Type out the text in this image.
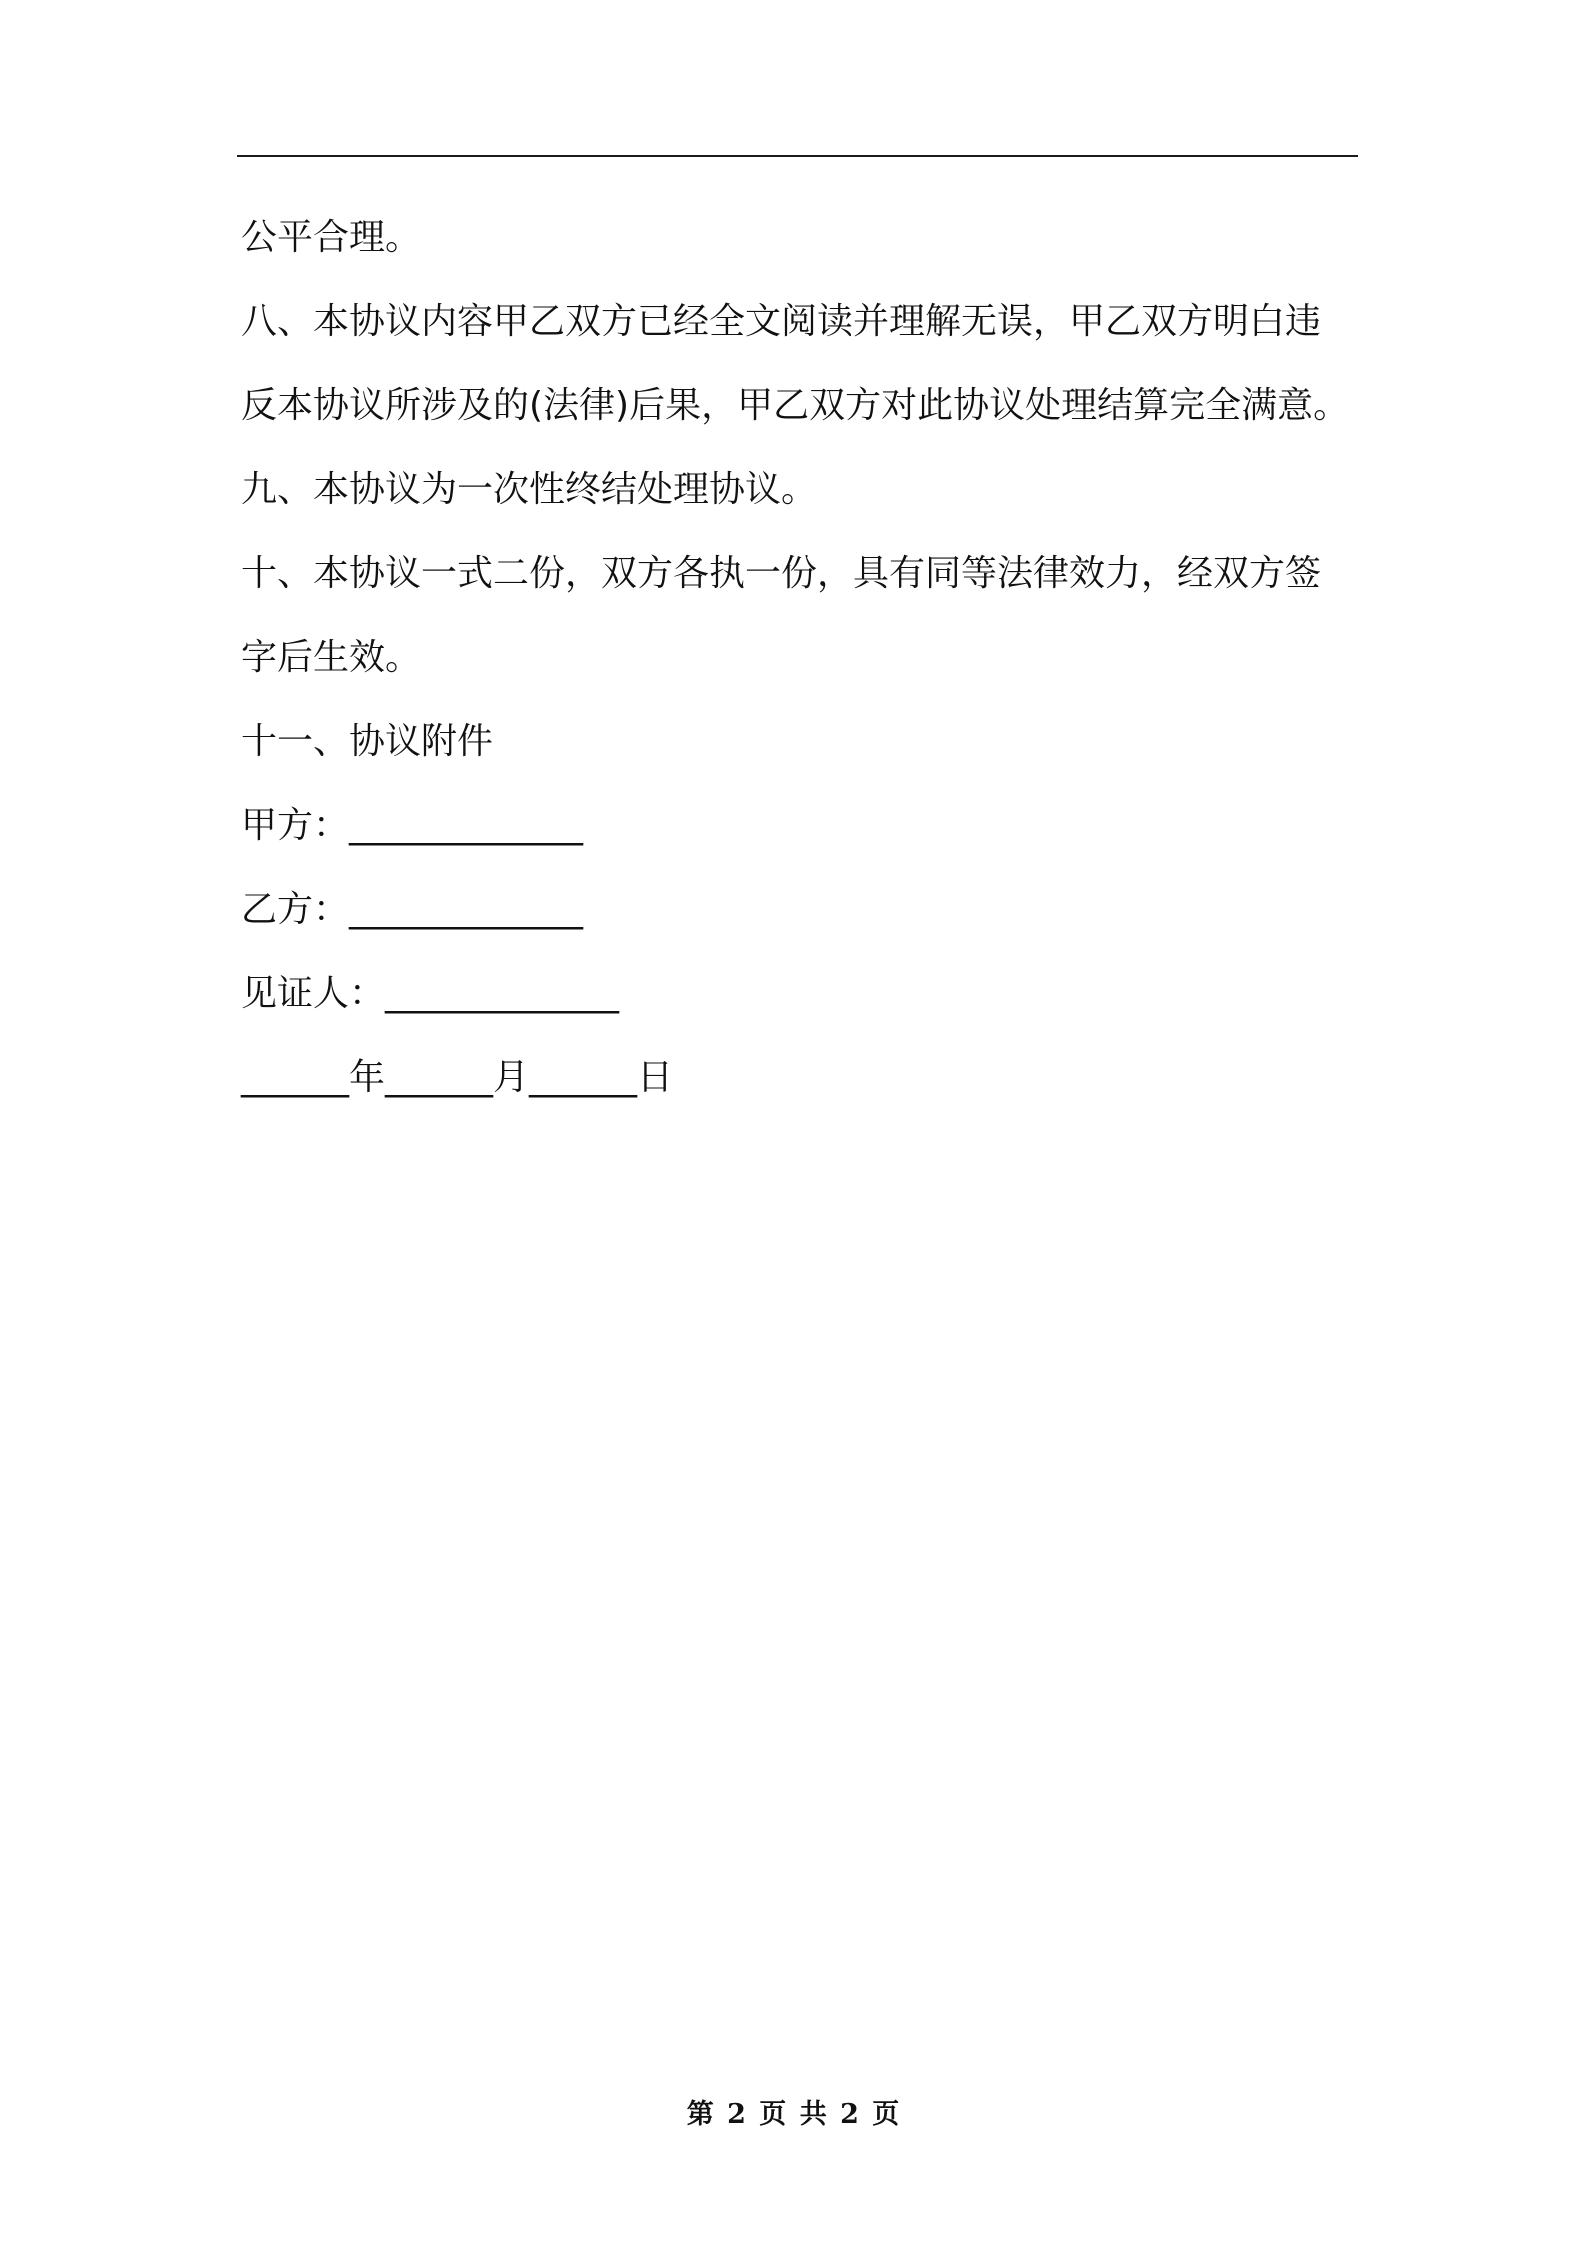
公平合理。
八、本协议内容甲乙双方已经全文阅读并理解无误，甲乙双方明白违
反本协议所涉及的(法律)后果，甲乙双方对此协议处理结算完全满意。
九、本协议为一次性终结处理协议。
十、本协议一式二份，双方各执一份，具有同等法律效力，经双方签
字后生效。
十一、协议附件
甲方：_____________
乙方：_____________
见证人：_____________
______年______月______日
第 2 页 共 2 页
